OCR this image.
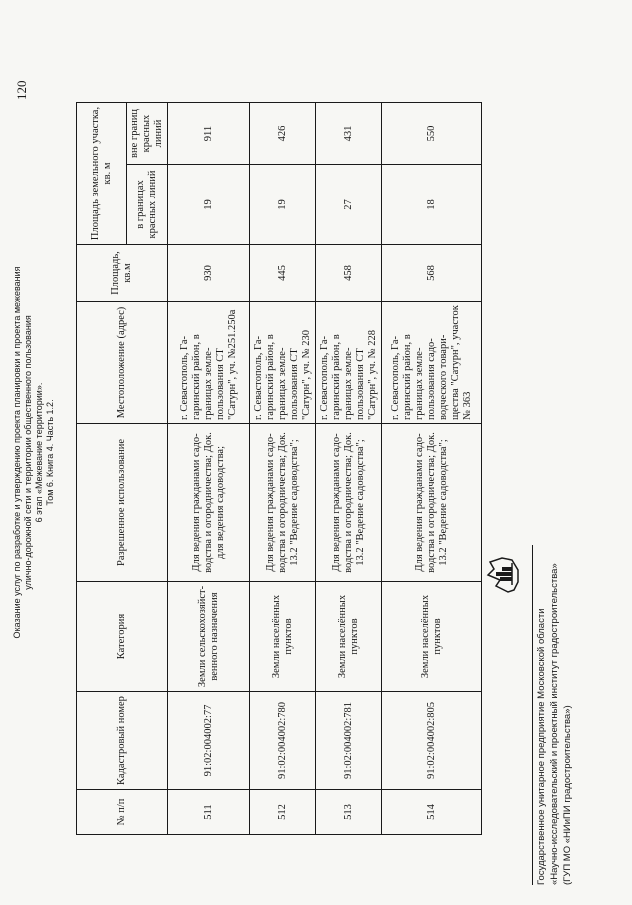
Оказание услуг по разработке и утверждению проекта планировки и проекта межевания улично-дорожной сети и территории общественного пользования 6 этап «Межевание территории». Том 6. Книга 4. Часть 1.2.
120
№ п/п	Кадастровый номер	Категория	Разрешенное использование	Местоположение (адрес)	Площадь, кв.м	Площадь земельного участка, кв. м	
						в границах красных линий	вне границ красных линий
511	91:02:004002:77	Земли сельскохозяйст- венного назначения	Для ведения гражданами садо- водства и огородничества; Док. для ведения садоводства;	г. Севастополь, Га- гаринский район, в границах земле- пользования СТ "Сатурн", уч. №251.250а	930	19	911
512	91:02:004002:780	Земли населённых пунктов	Для ведения гражданами садо- водства и огородничества; Док. 13.2 "Ведение садоводства";	г. Севастополь, Га- гаринский район, в границах земле- пользования СТ "Сатурн", уч. № 230	445	19	426
513	91:02:004002:781	Земли населённых пунктов	Для ведения гражданами садо- водства и огородничества; Док. 13.2 "Ведение садоводства";	г. Севастополь, Га- гаринский район, в границах земле- пользования СТ "Сатурн", уч. № 228	458	27	431
514	91:02:004002:805	Земли населённых пунктов	Для ведения гражданами садо- водства и огородничества; Док. 13.2 "Ведение садоводства";	г. Севастополь, Га- гаринский район, в границах земле- пользования садо- водческого товари- щества "Сатурн", участок № 363	568	18	550
Государственное унитарное предприятие Московской области «Научно-исследовательский и проектный институт градостроительства» (ГУП МО «НИиПИ градостроительства»)
